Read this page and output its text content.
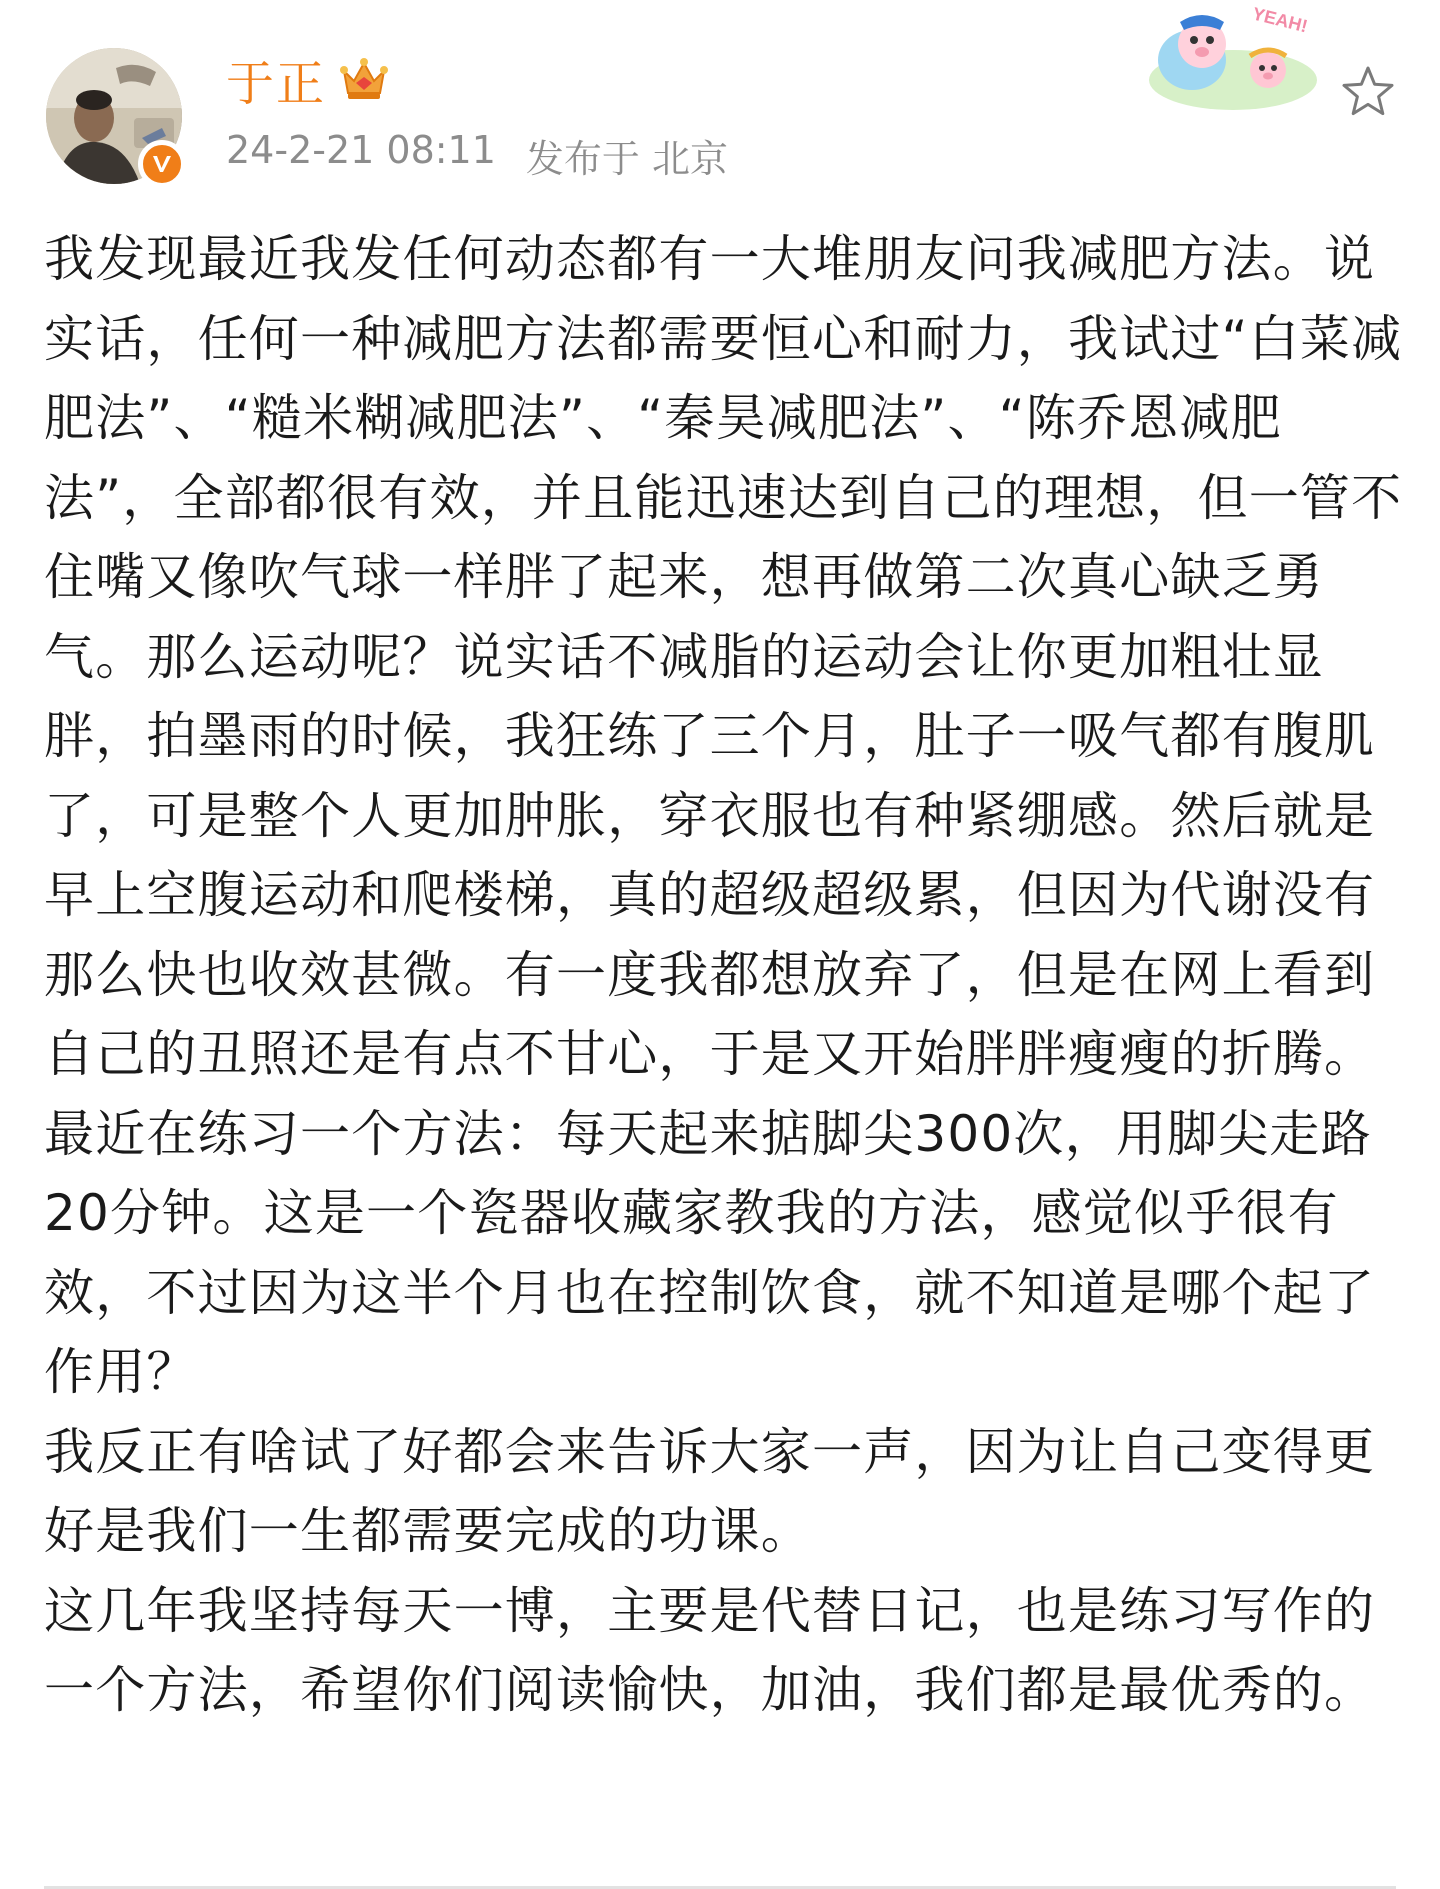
于正
24-2-21 08:11 发布于 北京
YEAH!

我发现最近我发任何动态都有一大堆朋友问我减肥方法。说实话，任何一种减肥方法都需要恒心和耐力，我试过“白菜减肥法”、“糙米糊减肥法”、“秦昊减肥法”、“陈乔恩减肥法”，全部都很有效，并且能迅速达到自己的理想，但一管不住嘴又像吹气球一样胖了起来，想再做第二次真心缺乏勇气。那么运动呢？说实话不减脂的运动会让你更加粗壮显胖，拍墨雨的时候，我狂练了三个月，肚子一吸气都有腹肌了，可是整个人更加肿胀，穿衣服也有种紧绷感。然后就是早上空腹运动和爬楼梯，真的超级超级累，但因为代谢没有那么快也收效甚微。有一度我都想放弃了，但是在网上看到自己的丑照还是有点不甘心，于是又开始胖胖瘦瘦的折腾。

最近在练习一个方法：每天起来掂脚尖300次，用脚尖走路20分钟。这是一个瓷器收藏家教我的方法，感觉似乎很有效，不过因为这半个月也在控制饮食，就不知道是哪个起了作用？

我反正有啥试了好都会来告诉大家一声，因为让自己变得更好是我们一生都需要完成的功课。

这几年我坚持每天一博，主要是代替日记，也是练习写作的一个方法，希望你们阅读愉快，加油，我们都是最优秀的。
